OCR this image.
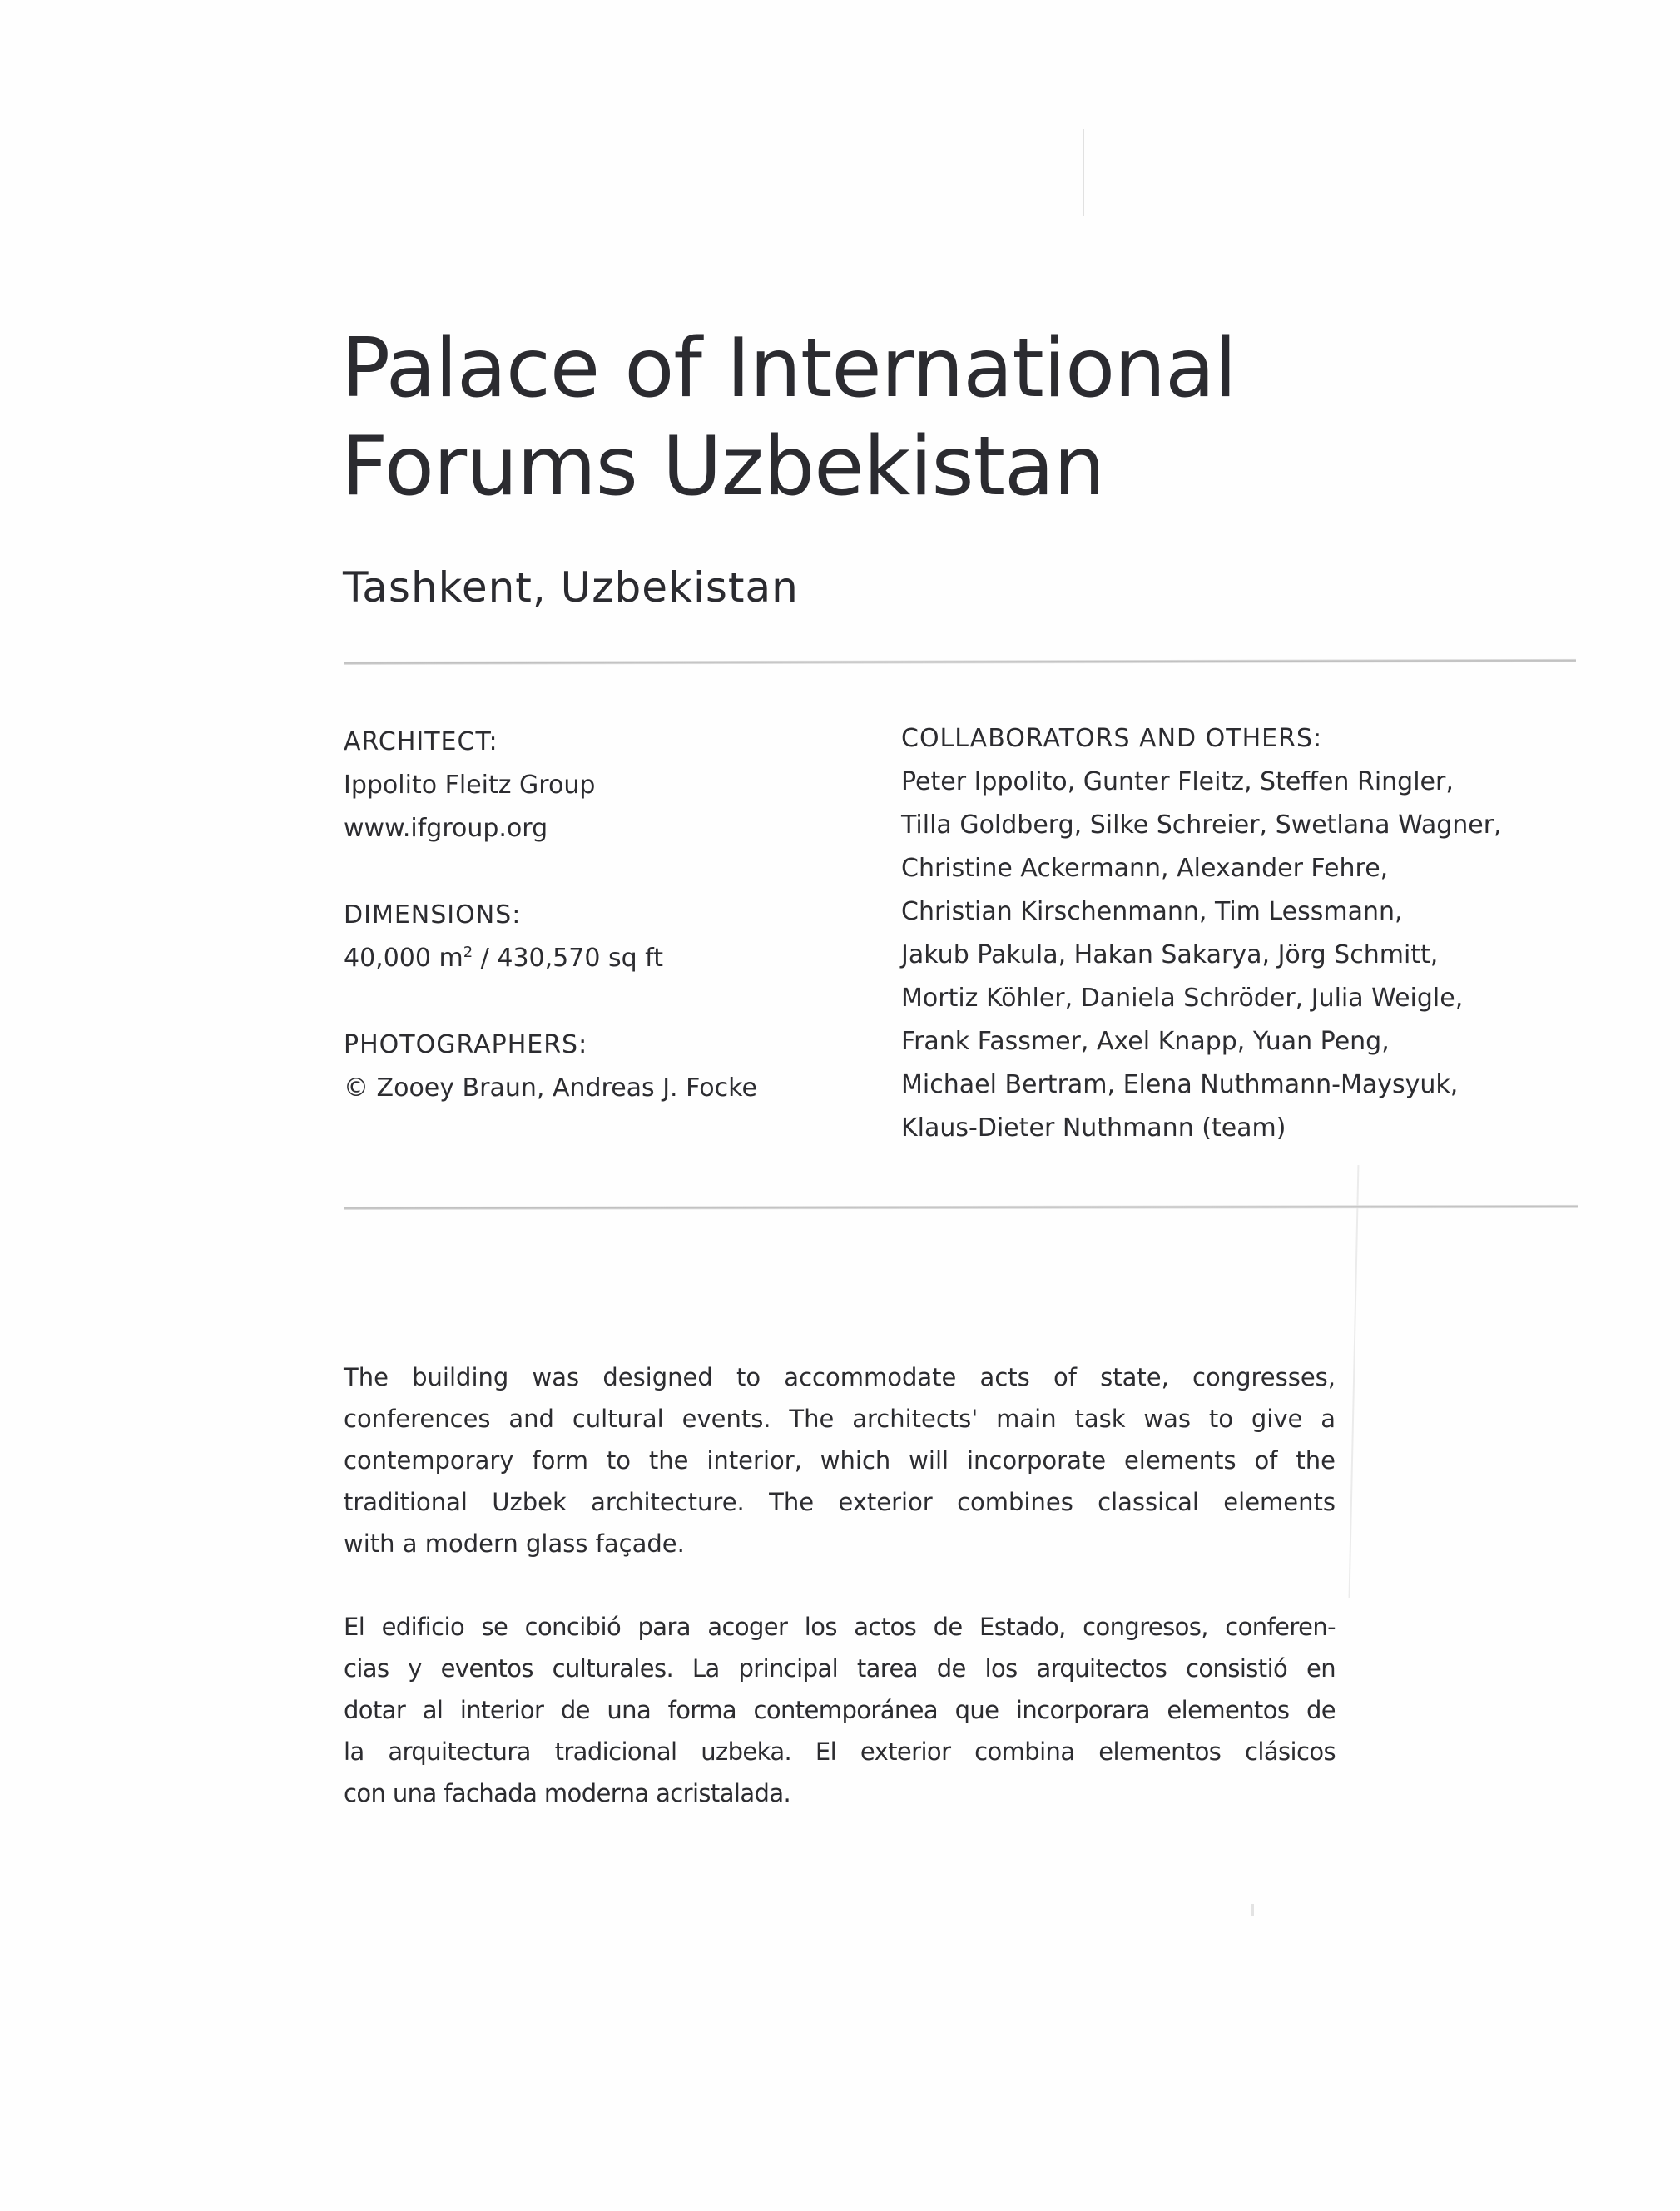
Palace of International
Forums Uzbekistan
Tashkent, Uzbekistan
ARCHITECT:
Ippolito Fleitz Group
www.ifgroup.org
DIMENSIONS:
40,000 $m^2 / 430,570$ sq ft
PHOTOGRAPHERS:
© Zooey Braun, Andreas J. Focke
COLLABORATORS AND OTHERS:
Peter Ippolito, Gunter Fleitz, Steffen Ringler,
Tilla Goldberg, Silke Schreier, Swetlana Wagner,
Christine Ackermann, Alexander Fehre,
Christian Kirschenmann, Tim Lessmann,
Jakub Pakula, Hakan Sakarya, Jörg Schmitt,
Mortiz Köhler, Daniela Schröder, Julia Weigle,
Frank Fassmer, Axel Knapp, Yuan Peng,
Michael Bertram, Elena Nuthmann-Maysyuk,
Klaus-Dieter Nuthmann (team)

The building was designed to accommodate acts of state, congresses,
conferences and cultural events. The architects' main task was to give a
contemporary form to the interior, which will incorporate elements of the
traditional Uzbek architecture. The exterior combines classical elements
with a modern glass façade.

El edificio se concibió para acoger los actos de Estado, congresos, conferen-
cias y eventos culturales. La principal tarea de los arquitectos consistió en
dotar al interior de una forma contemporánea que incorporara elementos de
la arquitectura tradicional uzbeka. El exterior combina elementos clásicos
con una fachada moderna acristalada.
